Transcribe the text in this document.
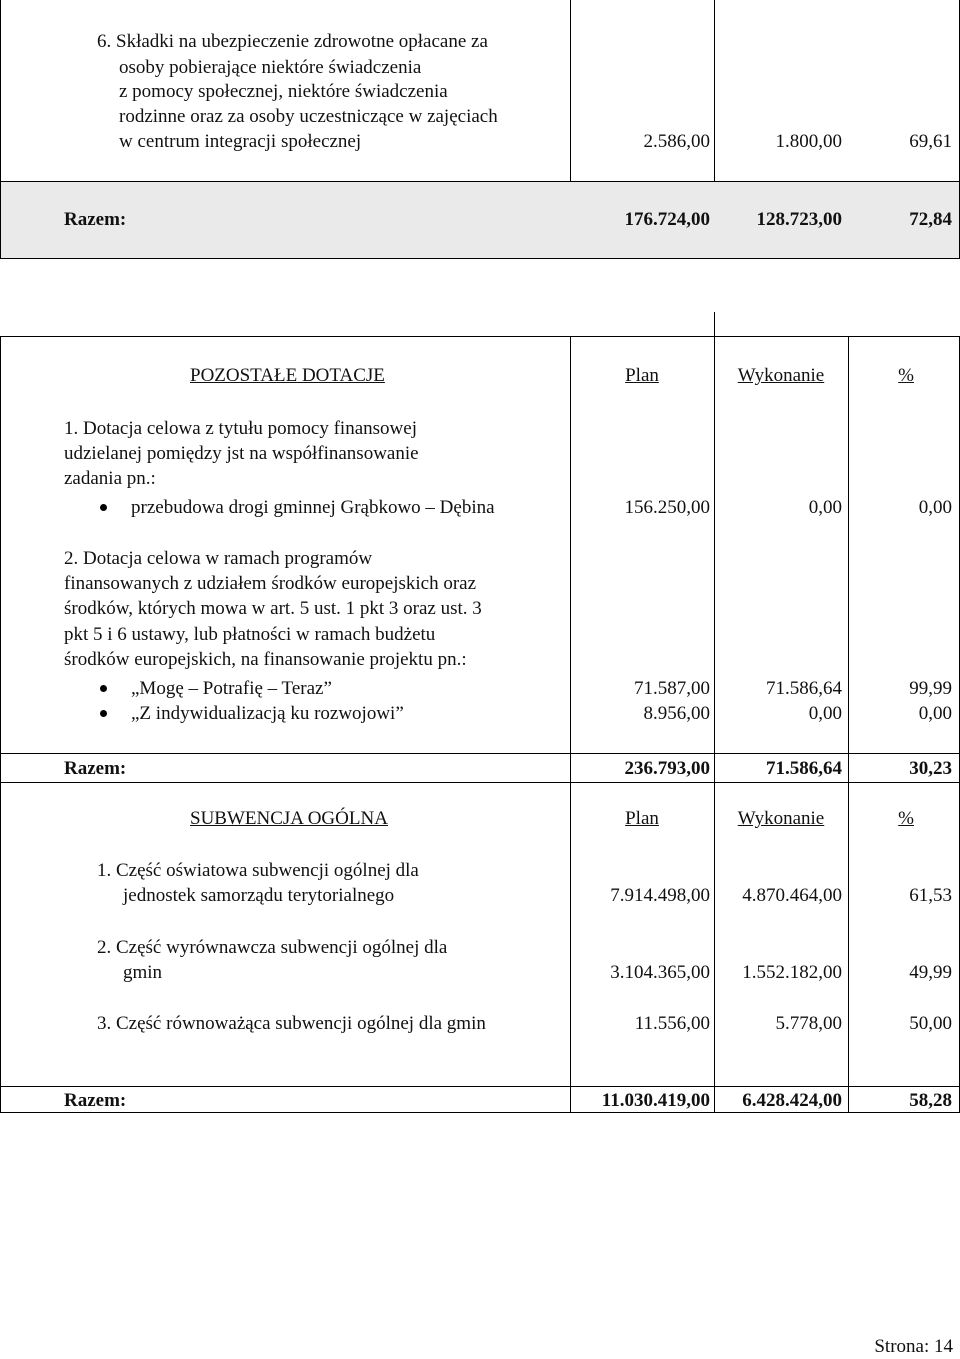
6. Składki na ubezpieczenie zdrowotne opłacane za
osoby pobierające niektóre świadczenia
z pomocy społecznej, niektóre świadczenia
rodzinne oraz za osoby uczestniczące w zajęciach
w centrum integracji społecznej	2.586,00	1.800,00	69,61
Razem:	176.724,00	128.723,00	72,84
POZOSTAŁE DOTACJE	Plan	Wykonanie	%
1. Dotacja celowa z tytułu pomocy finansowej
udzielanej pomiędzy jst na współfinansowanie
zadania pn.:
przebudowa drogi gminnej Grąbkowo – Dębina	156.250,00	0,00	0,00
2. Dotacja celowa w ramach programów
finansowanych z udziałem środków europejskich oraz
środków, których mowa w art. 5 ust. 1 pkt 3 oraz ust. 3
pkt 5 i 6 ustawy, lub płatności w ramach budżetu
środków europejskich, na finansowanie projektu pn.:
„Mogę – Potrafię – Teraz”	71.587,00	71.586,64	99,99
„Z indywidualizacją ku rozwojowi”	8.956,00	0,00	0,00
Razem:	236.793,00	71.586,64	30,23
SUBWENCJA OGÓLNA	Plan	Wykonanie	%
1. Część oświatowa subwencji ogólnej dla
jednostek samorządu terytorialnego	7.914.498,00	4.870.464,00	61,53
2. Część wyrównawcza subwencji ogólnej dla
gmin	3.104.365,00	1.552.182,00	49,99
3. Część równoważąca subwencji ogólnej dla gmin	11.556,00	5.778,00	50,00
Razem:	11.030.419,00	6.428.424,00	58,28
Strona: 14
